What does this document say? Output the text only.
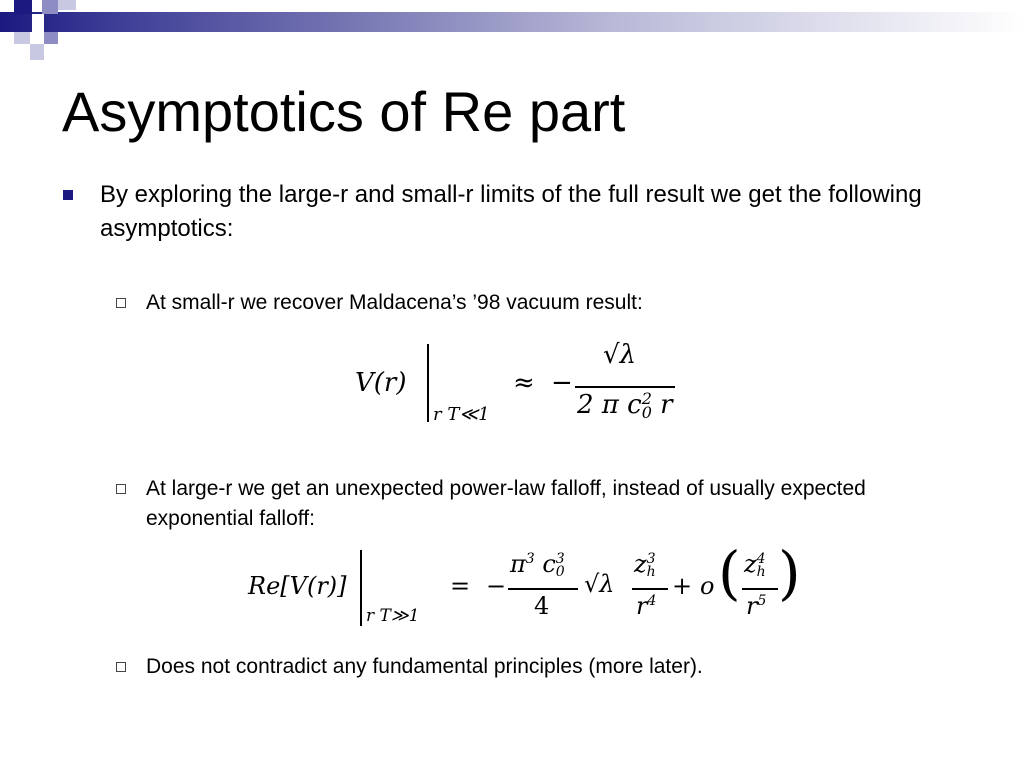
Asymptotics of Re part
By exploring the large-r and small-r limits of the full result we get the following asymptotics:
At small-r we recover Maldacena’s ’98 vacuum result:
V(r)
r T≪1
≈ −
√λ
2 π c 2
0 r
At large-r we get an unexpected power-law falloff, instead of usually expected exponential falloff:
Re[V(r)]
r T≫1
= −
$\pi^3$ c 3
0
4
√λ
z 3
h
$r^4$
+ o ( z 4
h
$r^5$ )
Does not contradict any fundamental principles (more later).
